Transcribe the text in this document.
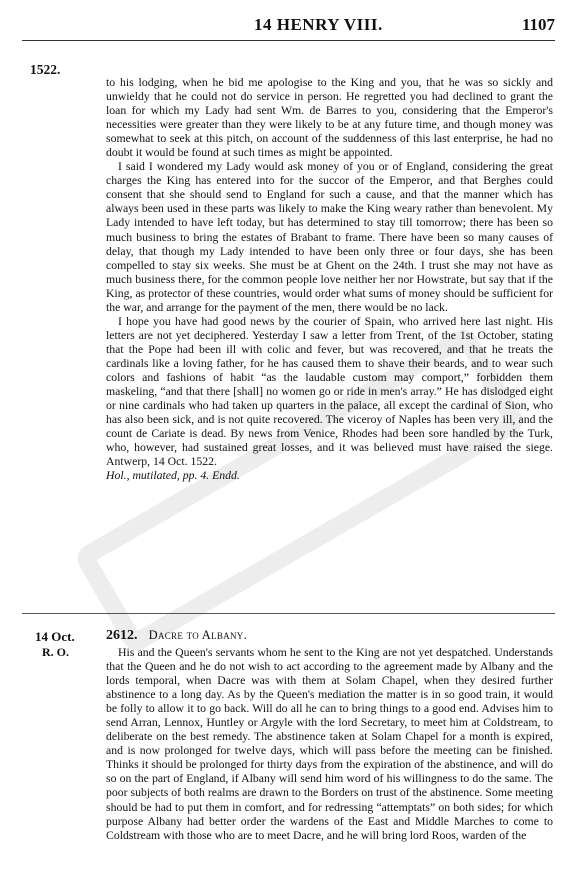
14 HENRY VIII.	1107
1522.

to his lodging, when he bid me apologise to the King and you, that he was so sickly and unwieldy that he could not do service in person. He regretted you had declined to grant the loan for which my Lady had sent Wm. de Barres to you, considering that the Emperor's necessities were greater than they were likely to be at any future time, and though money was somewhat to seek at this pitch, on account of the suddenness of this last enterprise, he had no doubt it would be found at such times as might be appointed.

I said I wondered my Lady would ask money of you or of England, considering the great charges the King has entered into for the succor of the Emperor, and that Berghes could consent that she should send to England for such a cause, and that the manner which has always been used in these parts was likely to make the King weary rather than benevolent. My Lady intended to have left today, but has determined to stay till tomorrow; there has been so much business to bring the estates of Brabant to frame. There have been so many causes of delay, that though my Lady intended to have been only three or four days, she has been compelled to stay six weeks. She must be at Ghent on the 24th. I trust she may not have as much business there, for the common people love neither her nor Howstrate, but say that if the King, as protector of these countries, would order what sums of money should be sufficient for the war, and arrange for the payment of the men, there would be no lack.

I hope you have had good news by the courier of Spain, who arrived here last night. His letters are not yet deciphered. Yesterday I saw a letter from Trent, of the 1st October, stating that the Pope had been ill with colic and fever, but was recovered, and that he treats the cardinals like a loving father, for he has caused them to shave their beards, and to wear such colors and fashions of habit “as the laudable custom may comport,” forbidden them maskeling, “and that there [shall] no women go or ride in men's array.” He has dislodged eight or nine cardinals who had taken up quarters in the palace, all except the cardinal of Sion, who has also been sick, and is not quite recovered. The viceroy of Naples has been very ill, and the count de Cariate is dead. By news from Venice, Rhodes had been sore handled by the Turk, who, however, had sustained great losses, and it was believed must have raised the siege. Antwerp, 14 Oct. 1522.

Hol., mutilated, pp. 4. Endd.

14 Oct.
R. O.
2612. Dacre to Albany.

His and the Queen's servants whom he sent to the King are not yet despatched. Understands that the Queen and he do not wish to act according to the agreement made by Albany and the lords temporal, when Dacre was with them at Solam Chapel, when they desired further abstinence to a long day. As by the Queen's mediation the matter is in so good train, it would be folly to allow it to go back. Will do all he can to bring things to a good end. Advises him to send Arran, Lennox, Huntley or Argyle with the lord Secretary, to meet him at Coldstream, to deliberate on the best remedy. The abstinence taken at Solam Chapel for a month is expired, and is now prolonged for twelve days, which will pass before the meeting can be finished. Thinks it should be prolonged for thirty days from the expiration of the abstinence, and will do so on the part of England, if Albany will send him word of his willingness to do the same. The poor subjects of both realms are drawn to the Borders on trust of the abstinence. Some meeting should be had to put them in comfort, and for redressing “attemptats” on both sides; for which purpose Albany had better order the wardens of the East and Middle Marches to come to Coldstream with those who are to meet Dacre, and he will bring lord Roos, warden of the
